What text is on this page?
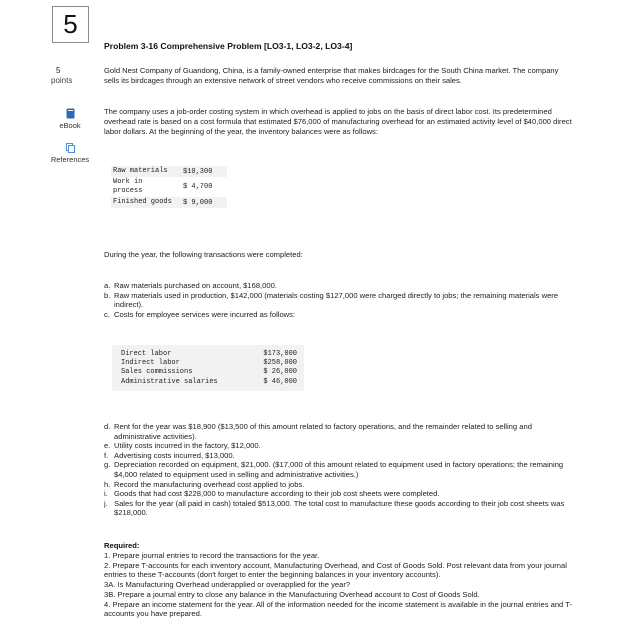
5
5
points
eBook
References
Problem 3-16 Comprehensive Problem [LO3-1, LO3-2, LO3-4]
Gold Nest Company of Guandong, China, is a family-owned enterprise that makes birdcages for the South China market. The company sells its birdcages through an extensive network of street vendors who receive commissions on their sales.
The company uses a job-order costing system in which overhead is applied to jobs on the basis of direct labor cost. Its predetermined overhead rate is based on a cost formula that estimated $76,000 of manufacturing overhead for an estimated activity level of $40,000 direct labor dollars. At the beginning of the year, the inventory balances were as follows:
Raw materials	$10,300
Work in process	$ 4,700
Finished goods	$ 9,000
During the year, the following transactions were completed:
a. Raw materials purchased on account, $168,000.
b. Raw materials used in production, $142,000 (materials costing $127,000 were charged directly to jobs; the remaining materials were indirect).
c. Costs for employee services were incurred as follows:
Direct labor	$173,000
Indirect labor	$258,000
Sales commissions	$ 26,000
Administrative salaries	$ 46,000
d. Rent for the year was $18,900 ($13,500 of this amount related to factory operations, and the remainder related to selling and administrative activities).
e. Utility costs incurred in the factory, $12,000.
f. Advertising costs incurred, $13,000.
g. Depreciation recorded on equipment, $21,000. ($17,000 of this amount related to equipment used in factory operations; the remaining $4,000 related to equipment used in selling and administrative activities.)
h. Record the manufacturing overhead cost applied to jobs.
i. Goods that had cost $228,000 to manufacture according to their job cost sheets were completed.
j. Sales for the year (all paid in cash) totaled $513,000. The total cost to manufacture these goods according to their job cost sheets was $218,000.
Required:
1. Prepare journal entries to record the transactions for the year.
2. Prepare T-accounts for each inventory account, Manufacturing Overhead, and Cost of Goods Sold. Post relevant data from your journal entries to these T-accounts (don't forget to enter the beginning balances in your inventory accounts).
3A. Is Manufacturing Overhead underapplied or overapplied for the year?
3B. Prepare a journal entry to close any balance in the Manufacturing Overhead account to Cost of Goods Sold.
4. Prepare an income statement for the year. All of the information needed for the income statement is available in the journal entries and T-accounts you have prepared.
